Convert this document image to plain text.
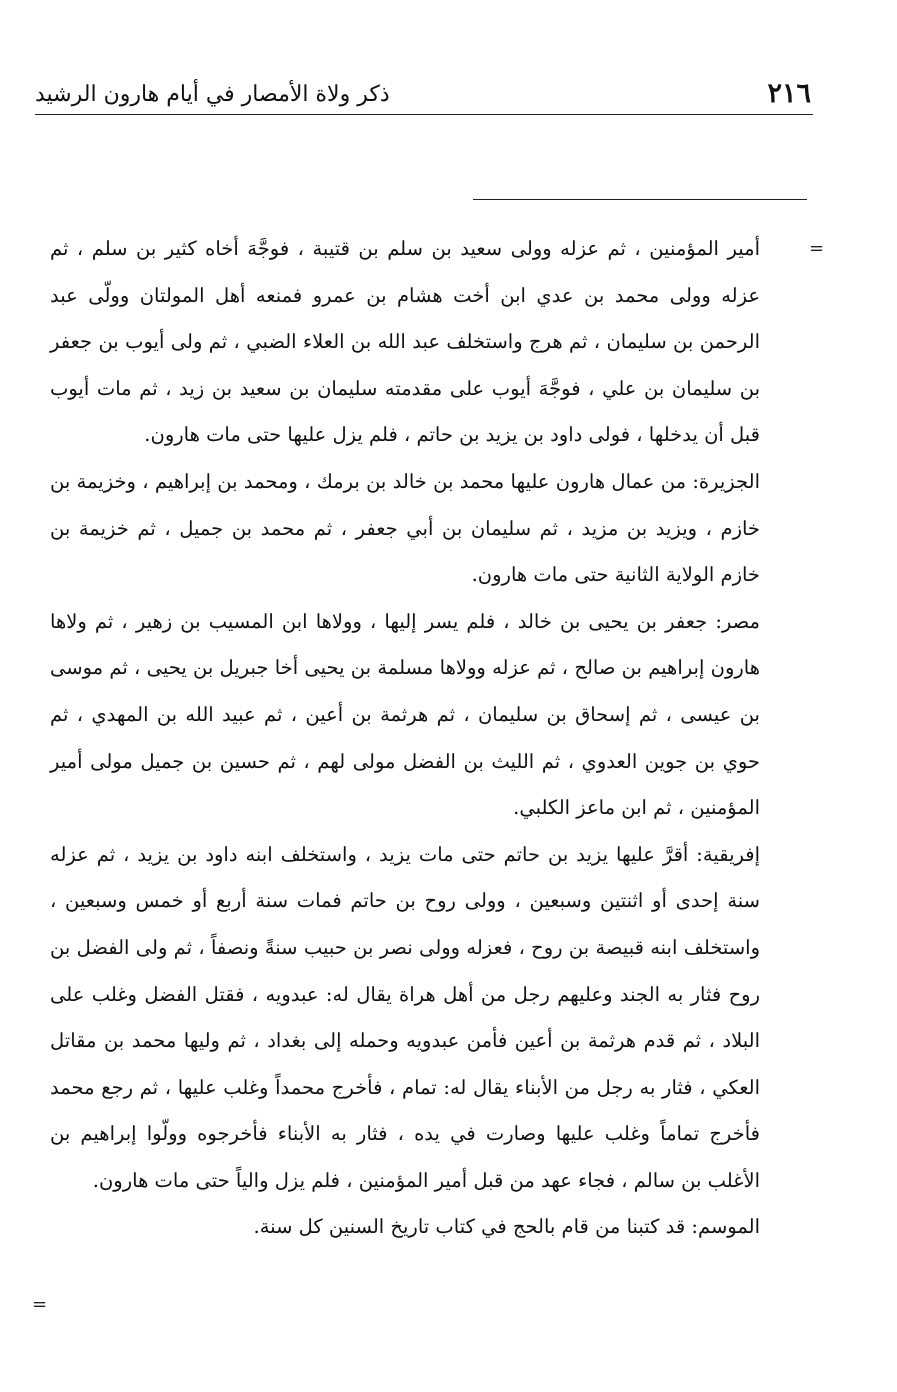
٢١٦
ذكر ولاة الأمصار في أيام هارون الرشيد
=

أمير المؤمنين ، ثم عزله وولى سعيد بن سلم بن قتيبة ، فوجَّهَ أخاه كثير بن سلم ، ثم عزله وولى محمد بن عدي ابن أخت هشام بن عمرو فمنعه أهل المولتان وولّى عبد الرحمن بن سليمان ، ثم هرج واستخلف عبد الله بن العلاء الضبي ، ثم ولى أيوب بن جعفر بن سليمان بن علي ، فوجَّهَ أيوب على مقدمته سليمان بن سعيد بن زيد ، ثم مات أيوب قبل أن يدخلها ، فولى داود بن يزيد بن حاتم ، فلم يزل عليها حتى مات هارون.

الجزيرة: من عمال هارون عليها محمد بن خالد بن برمك ، ومحمد بن إبراهيم ، وخزيمة بن خازم ، ويزيد بن مزيد ، ثم سليمان بن أبي جعفر ، ثم محمد بن جميل ، ثم خزيمة بن خازم الولاية الثانية حتى مات هارون.

مصر: جعفر بن يحيى بن خالد ، فلم يسر إليها ، وولاها ابن المسيب بن زهير ، ثم ولاها هارون إبراهيم بن صالح ، ثم عزله وولاها مسلمة بن يحيى أخا جبريل بن يحيى ، ثم موسى بن عيسى ، ثم إسحاق بن سليمان ، ثم هرثمة بن أعين ، ثم عبيد الله بن المهدي ، ثم حوي بن جوين العدوي ، ثم الليث بن الفضل مولى لهم ، ثم حسين بن جميل مولى أمير المؤمنين ، ثم ابن ماعز الكلبي.

إفريقية: أقرَّ عليها يزيد بن حاتم حتى مات يزيد ، واستخلف ابنه داود بن يزيد ، ثم عزله سنة إحدى أو اثنتين وسبعين ، وولى روح بن حاتم فمات سنة أربع أو خمس وسبعين ، واستخلف ابنه قبيصة بن روح ، فعزله وولى نصر بن حبيب سنةً ونصفاً ، ثم ولى الفضل بن روح فثار به الجند وعليهم رجل من أهل هراة يقال له: عبدويه ، فقتل الفضل وغلب على البلاد ، ثم قدم هرثمة بن أعين فأمن عبدويه وحمله إلى بغداد ، ثم وليها محمد بن مقاتل العكي ، فثار به رجل من الأبناء يقال له: تمام ، فأخرج محمداً وغلب عليها ، ثم رجع محمد فأخرج تماماً وغلب عليها وصارت في يده ، فثار به الأبناء فأخرجوه وولّوا إبراهيم بن الأغلب بن سالم ، فجاء عهد من قبل أمير المؤمنين ، فلم يزل والياً حتى مات هارون.

الموسم: قد كتبنا من قام بالحج في كتاب تاريخ السنين كل سنة.

=
